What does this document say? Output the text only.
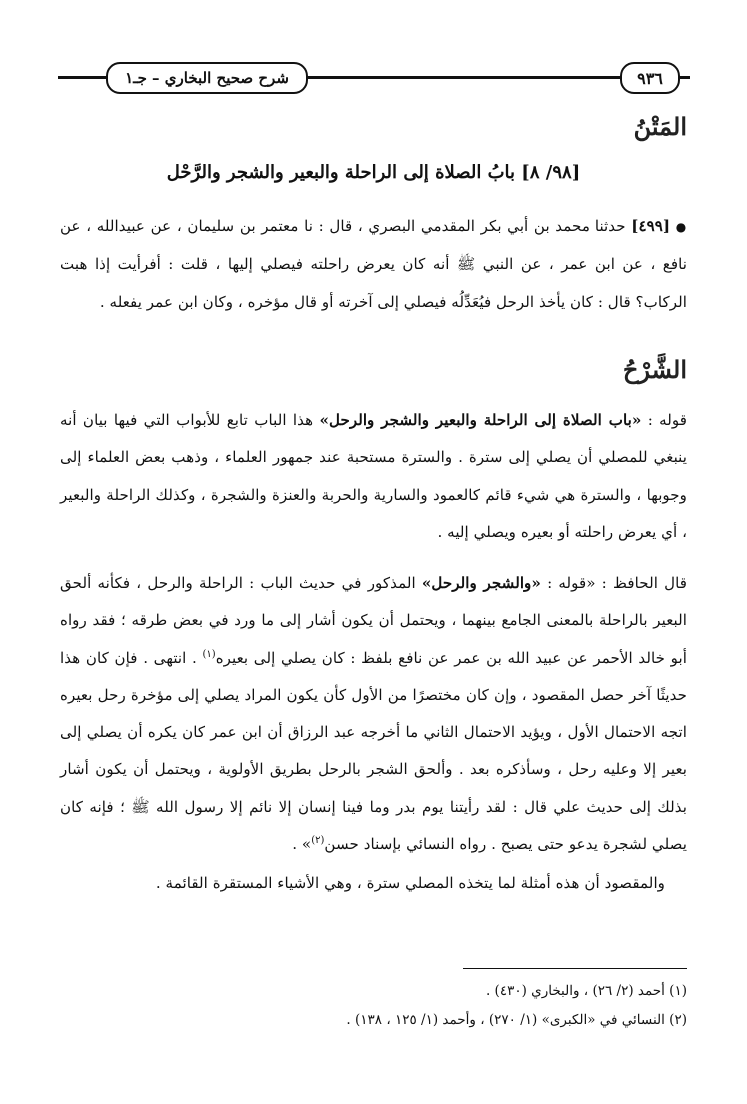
شرح صحيح البخاري – جـ١	٩٣٦
المَتْنُ
[٩٨/ ٨] بابُ الصلاة إلى الراحلة والبعير والشجر والرَّحْل
● [٤٩٩] حدثنا محمد بن أبي بكر المقدمي البصري ، قال : نا معتمر بن سليمان ، عن عبيدالله ، عن نافع ، عن ابن عمر ، عن النبي ﷺ أنه كان يعرض راحلته فيصلي إليها ، قلت : أفرأيت إذا هبت الركاب؟ قال : كان يأخذ الرحل فيُعَدِّلُه فيصلي إلى آخرته أو قال مؤخره ، وكان ابن عمر يفعله .
الشَّرْحُ
قوله : «باب الصلاة إلى الراحلة والبعير والشجر والرحل» هذا الباب تابع للأبواب التي فيها بيان أنه ينبغي للمصلي أن يصلي إلى سترة . والسترة مستحبة عند جمهور العلماء ، وذهب بعض العلماء إلى وجوبها ، والسترة هي شيء قائم كالعمود والسارية والحربة والعنزة والشجرة ، وكذلك الراحلة والبعير ، أي يعرض راحلته أو بعيره ويصلي إليه .
قال الحافظ : «قوله : «والشجر والرحل» المذكور في حديث الباب : الراحلة والرحل ، فكأنه ألحق البعير بالراحلة بالمعنى الجامع بينهما ، ويحتمل أن يكون أشار إلى ما ورد في بعض طرقه ؛ فقد رواه أبو خالد الأحمر عن عبيد الله بن عمر عن نافع بلفظ : كان يصلي إلى بعيره$^{(١)}$ . انتهى . فإن كان هذا حديثًا آخر حصل المقصود ، وإن كان مختصرًا من الأول كأن يكون المراد يصلي إلى مؤخرة رحل بعيره اتجه الاحتمال الأول ، ويؤيد الاحتمال الثاني ما أخرجه عبد الرزاق أن ابن عمر كان يكره أن يصلي إلى بعير إلا وعليه رحل ، وسأذكره بعد . وألحق الشجر بالرحل بطريق الأولوية ، ويحتمل أن يكون أشار بذلك إلى حديث علي قال : لقد رأيتنا يوم بدر وما فينا إنسان إلا نائم إلا رسول الله ﷺ ؛ فإنه كان يصلي لشجرة يدعو حتى يصبح . رواه النسائي بإسناد حسن$^{(٢)}$» .
والمقصود أن هذه أمثلة لما يتخذه المصلي سترة ، وهي الأشياء المستقرة القائمة .
(١) أحمد (٢/ ٢٦) ، والبخاري (٤٣٠) .
(٢) النسائي في «الكبرى» (١/ ٢٧٠) ، وأحمد (١/ ١٢٥ ، ١٣٨) .
